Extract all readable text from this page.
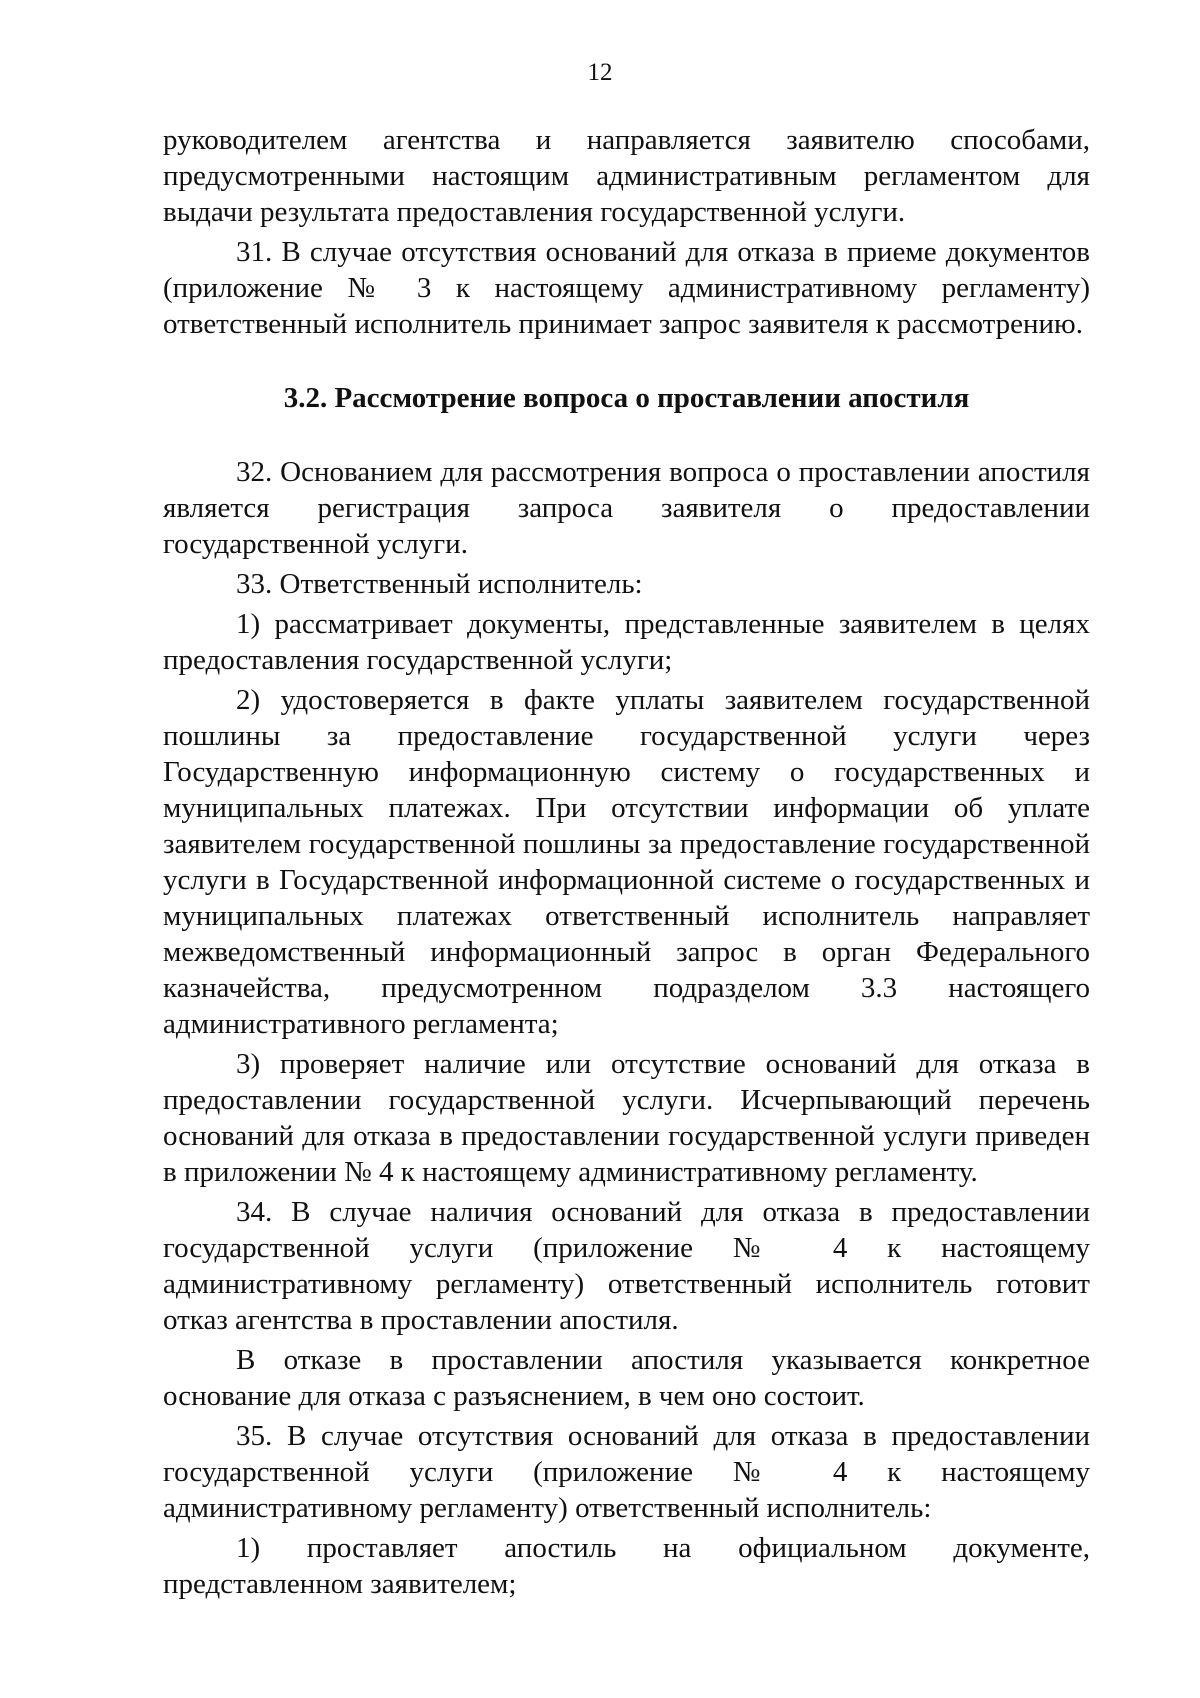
12

руководителем агентства и направляется заявителю способами, предусмотренными настоящим административным регламентом для выдачи результата предоставления государственной услуги.

31. В случае отсутствия оснований для отказа в приеме документов (приложение № 3 к настоящему административному регламенту) ответственный исполнитель принимает запрос заявителя к рассмотрению.

3.2. Рассмотрение вопроса о проставлении апостиля

32. Основанием для рассмотрения вопроса о проставлении апостиля является регистрация запроса заявителя о предоставлении государственной услуги.

33. Ответственный исполнитель:

1) рассматривает документы, представленные заявителем в целях предоставления государственной услуги;

2) удостоверяется в факте уплаты заявителем государственной пошлины за предоставление государственной услуги через Государственную информационную систему о государственных и муниципальных платежах. При отсутствии информации об уплате заявителем государственной пошлины за предоставление государственной услуги в Государственной информационной системе о государственных и муниципальных платежах ответственный исполнитель направляет межведомственный информационный запрос в орган Федерального казначейства, предусмотренном подразделом 3.3 настоящего административного регламента;

3) проверяет наличие или отсутствие оснований для отказа в предоставлении государственной услуги. Исчерпывающий перечень оснований для отказа в предоставлении государственной услуги приведен в приложении № 4 к настоящему административному регламенту.

34. В случае наличия оснований для отказа в предоставлении государственной услуги (приложение № 4 к настоящему административному регламенту) ответственный исполнитель готовит отказ агентства в проставлении апостиля.

В отказе в проставлении апостиля указывается конкретное основание для отказа с разъяснением, в чем оно состоит.

35. В случае отсутствия оснований для отказа в предоставлении государственной услуги (приложение № 4 к настоящему административному регламенту) ответственный исполнитель:

1) проставляет апостиль на официальном документе, представленном заявителем;
